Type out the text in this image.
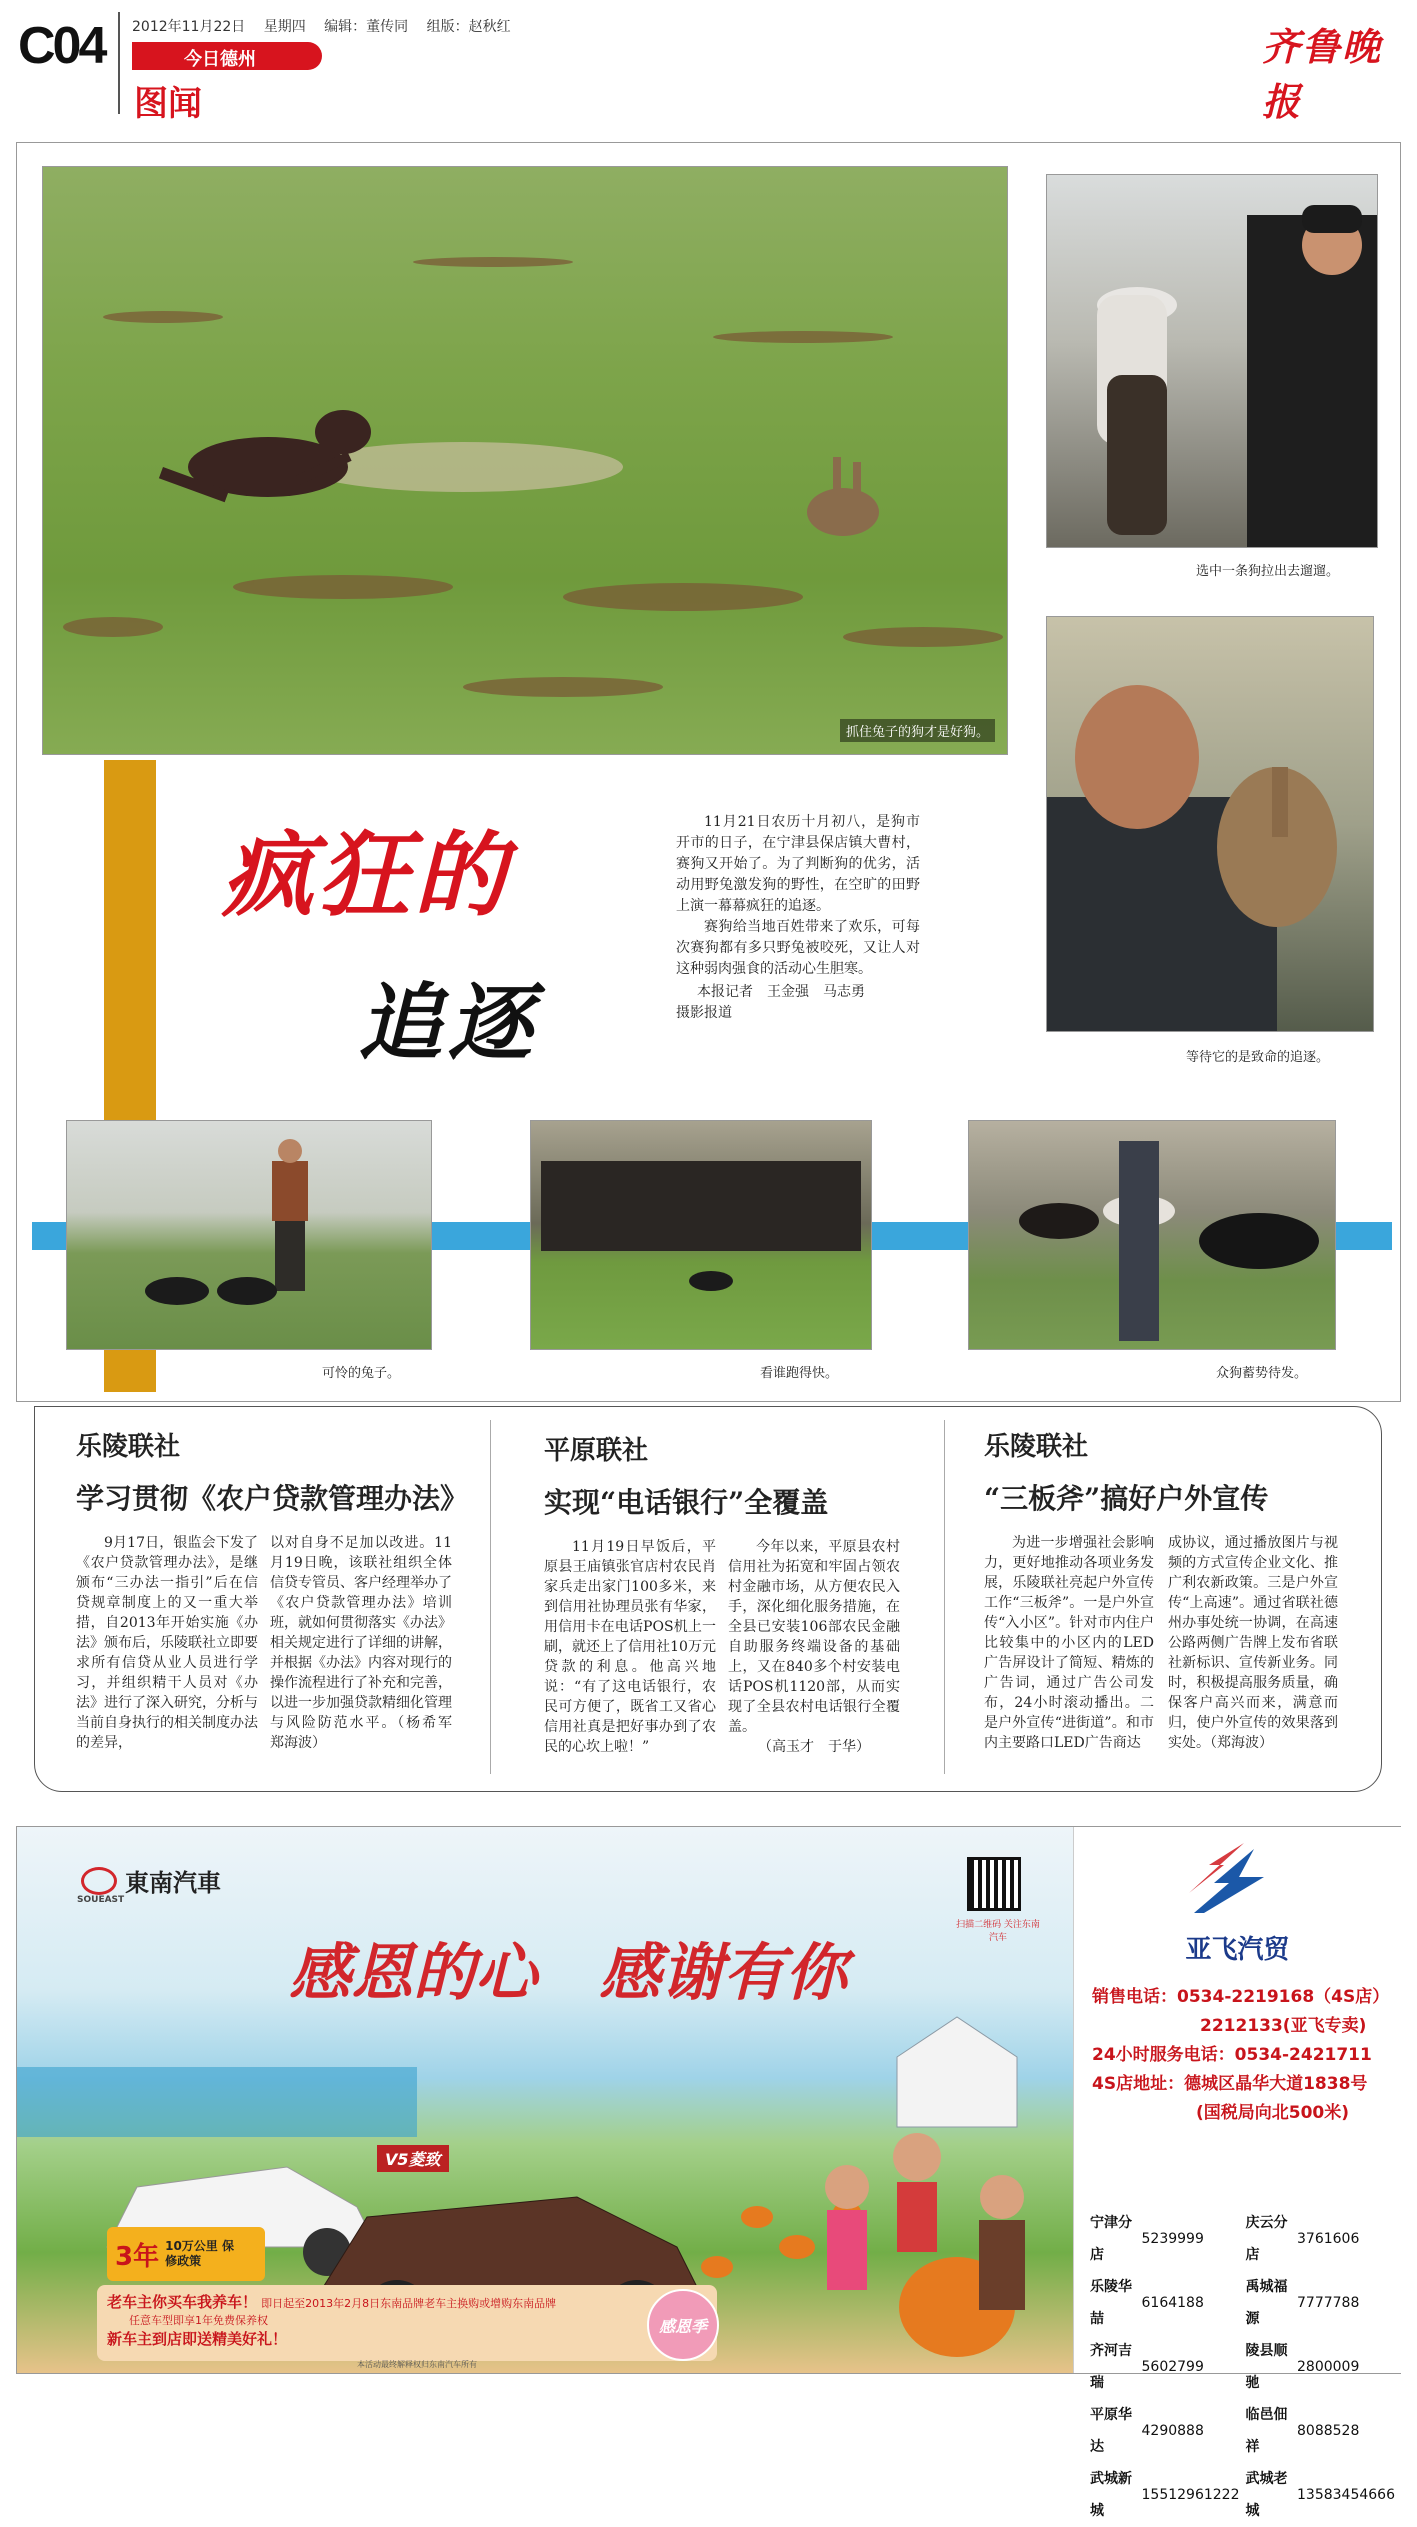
C04 2012年11月22日 星期四 编辑：董传同 组版：赵秋红
今日德州
图闻
齐鲁晚报
抓住兔子的狗才是好狗。
选中一条狗拉出去遛遛。
等待它的是致命的追逐。
疯狂的
追逐
11月21日农历十月初八，是狗市开市的日子，在宁津县保店镇大曹村，赛狗又开始了。为了判断狗的优劣，活动用野兔激发狗的野性，在空旷的田野上演一幕幕疯狂的追逐。
赛狗给当地百姓带来了欢乐，可每次赛狗都有多只野兔被咬死，又让人对这种弱肉强食的活动心生胆寒。
本报记者　王金强　马志勇
摄影报道
可怜的兔子。	看谁跑得快。	众狗蓄势待发。
乐陵联社
学习贯彻《农户贷款管理办法》
9月17日，银监会下发了《农户贷款管理办法》，是继颁布“三办法一指引”后在信贷规章制度上的又一重大举措，自2013年开始实施《办法》颁布后，乐陵联社立即要求所有信贷从业人员进行学习，并组织精干人员对《办法》进行了深入研究，分析与当前自身执行的相关制度办法的差异，
以对自身不足加以改进。11月19日晚，该联社组织全体信贷专管员、客户经理举办了《农户贷款管理办法》培训班，就如何贯彻落实《办法》相关规定进行了详细的讲解，并根据《办法》内容对现行的操作流程进行了补充和完善，以进一步加强贷款精细化管理与风险防范水平。（杨希军　郑海波）
平原联社
实现“电话银行”全覆盖
11月19日早饭后，平原县王庙镇张官店村农民肖家兵走出家门100多米，来到信用社协理员张有华家，用信用卡在电话POS机上一刷，就还上了信用社10万元贷款的利息。他高兴地说：“有了这电话银行，农民可方便了，既省工又省心信用社真是把好事办到了农民的心坎上啦！”
今年以来，平原县农村信用社为拓宽和牢固占领农村金融市场，从方便农民入手，深化细化服务措施，在全县已安装106部农民金融自助服务终端设备的基础上，又在840多个村安装电话POS机1120部，从而实现了全县农村电话银行全覆盖。
（高玉才　于华）
乐陵联社
“三板斧”搞好户外宣传
为进一步增强社会影响力，更好地推动各项业务发展，乐陵联社亮起户外宣传工作“三板斧”。一是户外宣传“入小区”。针对市内住户比较集中的小区内的LED广告屏设计了简短、精炼的广告词，通过广告公司发布，24小时滚动播出。二是户外宣传“进街道”。和市内主要路口LED广告商达
成协议，通过播放图片与视频的方式宣传企业文化、推广利农新政策。三是户外宣传“上高速”。通过省联社德州办事处统一协调，在高速公路两侧广告牌上发布省联社新标识、宣传新业务。同时，积极提高服务质量，确保客户高兴而来，满意而归，使户外宣传的效果落到实处。（郑海波）
東南汽車
SOUEAST
感恩的心　感谢有你
扫描二维码 关注东南汽车
V5菱致
3年 10万公里 保修政策
老车主你买车我养车！ 即日起至2013年2月8日东南品牌老车主换购或增购东南品牌
任意车型即享1年免费保养权
新车主到店即送精美好礼！
感恩季
本活动最终解释权归东南汽车所有
亚飞汽贸
销售电话：0534-2219168（4S店）
2212133(亚飞专卖)
24小时服务电话：0534-2421711
4S店地址：德城区晶华大道1838号
(国税局向北500米)
宁津分店	5239999	庆云分店	3761606
乐陵华喆	6164188	禹城福源	7777788
齐河吉瑞	5602799	陵县顺驰	2800009
平原华达	4290888	临邑佃祥	8088528
武城新城	15512961222	武城老城	13583454666
